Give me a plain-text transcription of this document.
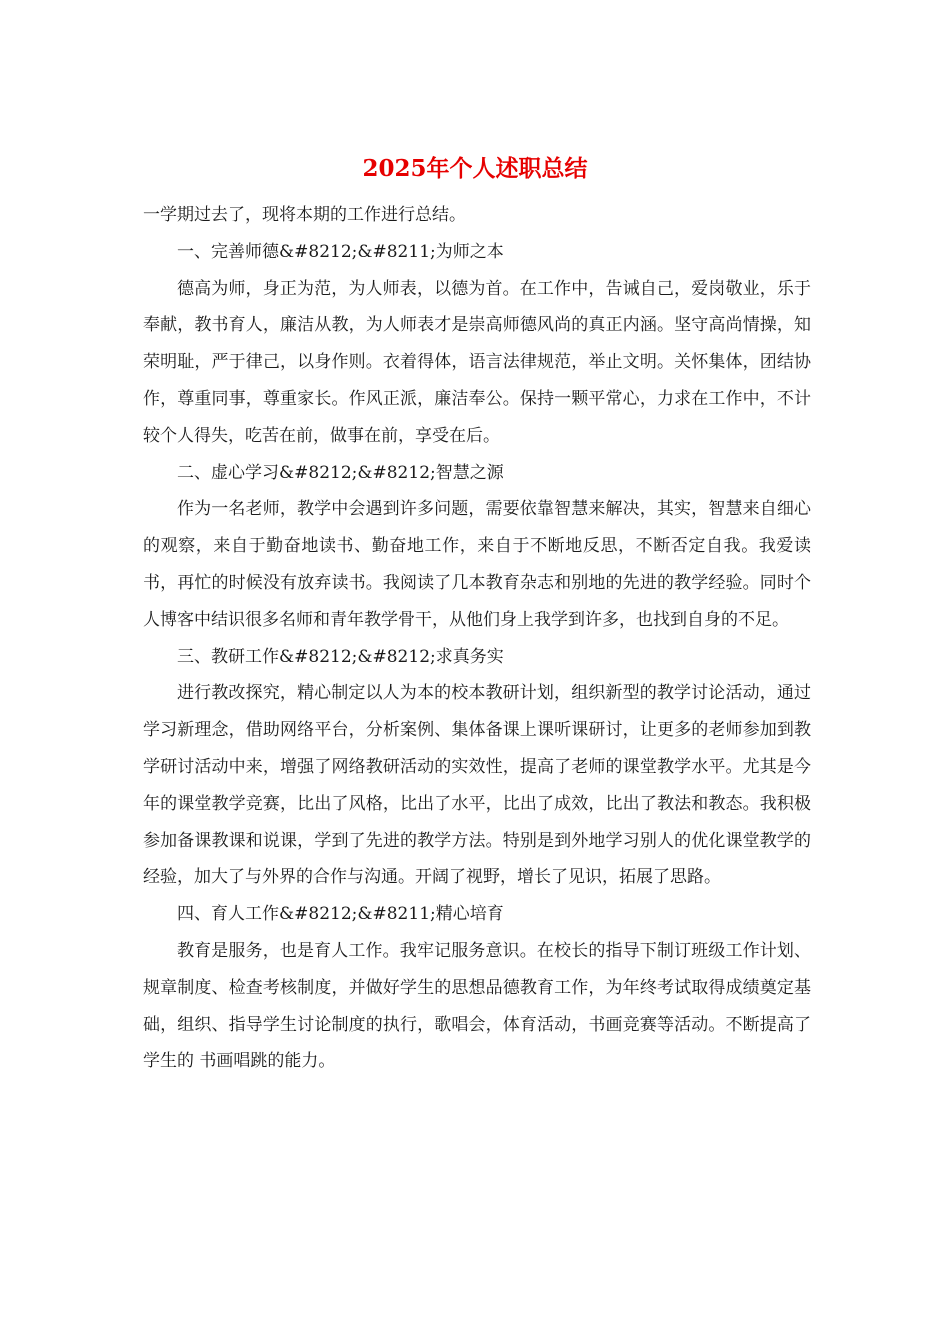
2025年个人述职总结

一学期过去了，现将本期的工作进行总结。

一、完善师德&#8212;&#8211;为师之本

德高为师，身正为范，为人师表，以德为首。在工作中，告诫自己，爱岗敬业，乐于奉献，教书育人，廉洁从教，为人师表才是崇高师德风尚的真正内涵。坚守高尚情操，知荣明耻，严于律己，以身作则。衣着得体，语言法律规范，举止文明。关怀集体，团结协作，尊重同事，尊重家长。作风正派，廉洁奉公。保持一颗平常心，力求在工作中，不计较个人得失，吃苦在前，做事在前，享受在后。

二、虚心学习&#8212;&#8212;智慧之源

作为一名老师，教学中会遇到许多问题，需要依靠智慧来解决，其实，智慧来自细心的观察，来自于勤奋地读书、勤奋地工作，来自于不断地反思，不断否定自我。我爱读书，再忙的时候没有放弃读书。我阅读了几本教育杂志和别地的先进的教学经验。同时个人博客中结识很多名师和青年教学骨干，从他们身上我学到许多，也找到自身的不足。

三、教研工作&#8212;&#8212;求真务实

进行教改探究，精心制定以人为本的校本教研计划，组织新型的教学讨论活动，通过学习新理念，借助网络平台，分析案例、集体备课上课听课研讨，让更多的老师参加到教学研讨活动中来，增强了网络教研活动的实效性，提高了老师的课堂教学水平。尤其是今年的课堂教学竞赛，比出了风格，比出了水平，比出了成效，比出了教法和教态。我积极参加备课教课和说课，学到了先进的教学方法。特别是到外地学习别人的优化课堂教学的经验，加大了与外界的合作与沟通。开阔了视野，增长了见识，拓展了思路。

四、育人工作&#8212;&#8211;精心培育

教育是服务，也是育人工作。我牢记服务意识。在校长的指导下制订班级工作计划、规章制度、检查考核制度，并做好学生的思想品德教育工作，为年终考试取得成绩奠定基础，组织、指导学生讨论制度的执行，歌唱会，体育活动，书画竞赛等活动。不断提高了学生的 书画唱跳的能力。
